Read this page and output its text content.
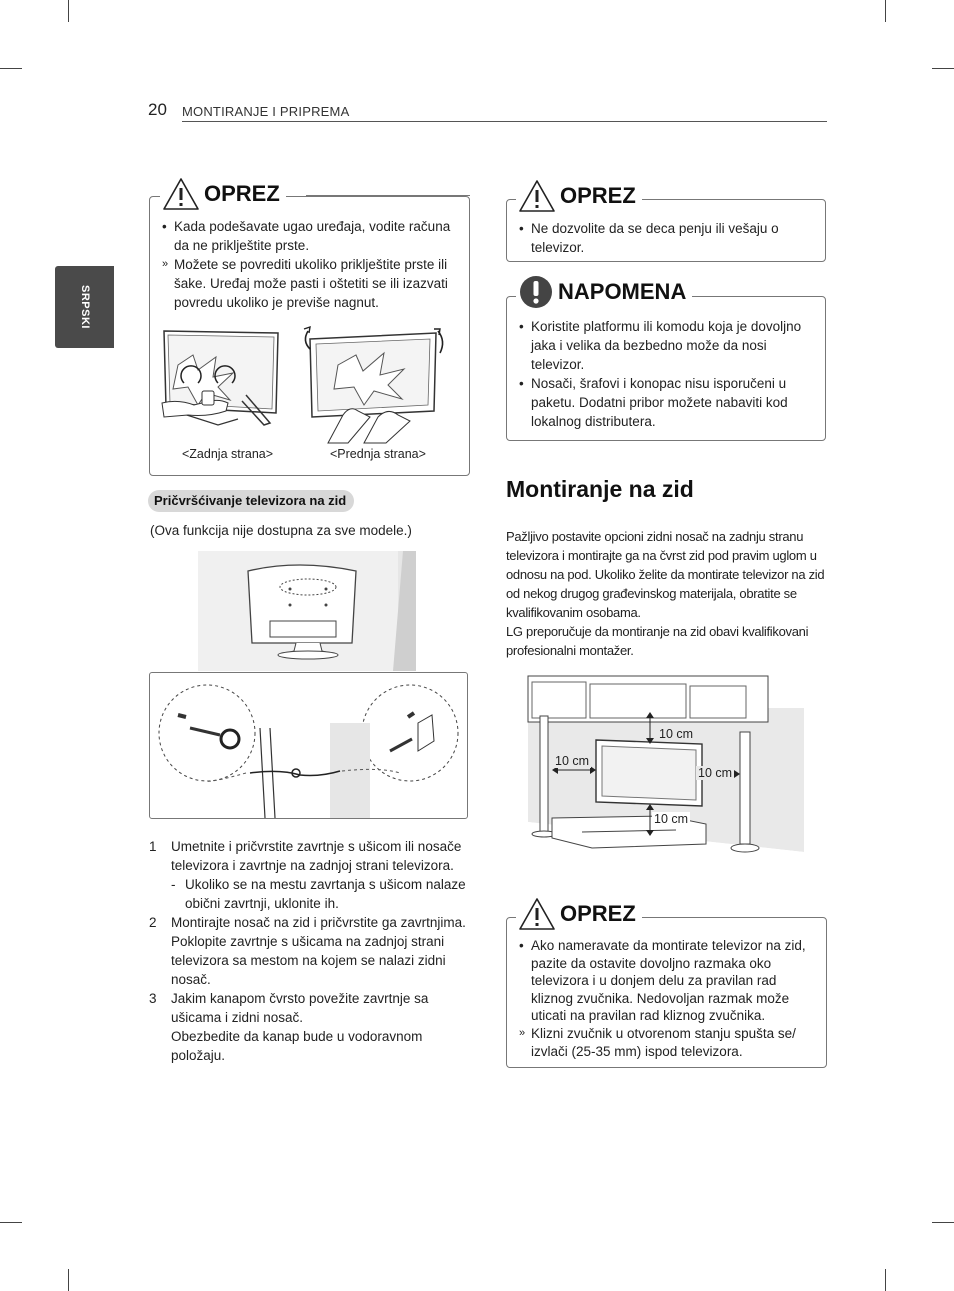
20 MONTIRANJE I PRIPREMA
SRPSKI
• Kada podešavate ugao uređaja, vodite računa da ne priklještite prste.
» Možete se povrediti ukoliko priklještite prste ili šake. Uređaj može pasti i oštetiti se ili izazvati povredu ukoliko je previše nagnut.
<Zadnja strana>	<Prednja strana>
OPREZ
Pričvršćivanje televizora na zid
(Ova funkcija nije dostupna za sve modele.)
1 Umetnite i pričvrstite zavrtnje s ušicom ili nosače televizora i zavrtnje na zadnjoj strani televizora.
- Ukoliko se na mestu zavrtanja s ušicom nalaze obični zavrtnji, uklonite ih.
2 Montirajte nosač na zid i pričvrstite ga zavrtnjima.
Poklopite zavrtnje s ušicama na zadnjoj strani televizora sa mestom na kojem se nalazi zidni nosač.
3 Jakim kanapom čvrsto povežite zavrtnje sa ušicama i zidni nosač.
Obezbedite da kanap bude u vodoravnom položaju.
• Ne dozvolite da se deca penju ili vešaju o televizor.
OPREZ
• Koristite platformu ili komodu koja je dovoljno jaka i velika da bezbedno može da nosi televizor.
• Nosači, šrafovi i konopac nisu isporučeni u paketu. Dodatni pribor možete nabaviti kod lokalnog distributera.
NAPOMENA
Montiranje na zid
Pažljivo postavite opcioni zidni nosač na zadnju stranu televizora i montirajte ga na čvrst zid pod pravim uglom u odnosu na pod. Ukoliko želite da montirate televizor na zid od nekog drugog građevinskog materijala, obratite se kvalifikovanim osobama.
LG preporučuje da montiranje na zid obavi kvalifikovani profesionalni montažer.
10 cm
10 cm
10 cm
10 cm
• Ako nameravate da montirate televizor na zid, pazite da ostavite dovoljno razmaka oko televizora i u donjem delu za pravilan rad kliznog zvučnika. Nedovoljan razmak može uticati na pravilan rad kliznog zvučnika.
» Klizni zvučnik u otvorenom stanju spušta se/ izvlači (25-35 mm) ispod televizora.
OPREZ
